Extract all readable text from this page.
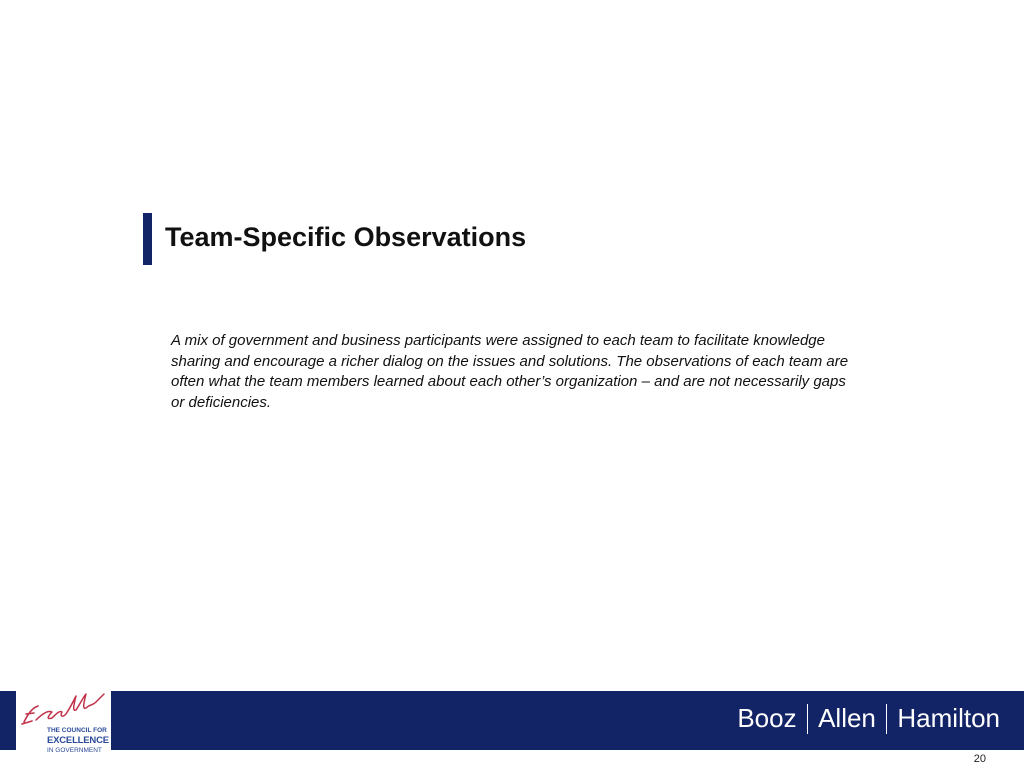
Team-Specific Observations
A mix of government and business participants were assigned to each team to facilitate knowledge sharing and encourage a richer dialog on the issues and solutions. The observations of each team are often what the team members learned about each other’s organization – and are not necessarily gaps or deficiencies.
THE COUNCIL FOR
EXCELLENCE
IN GOVERNMENT
Booz Allen Hamilton
20
